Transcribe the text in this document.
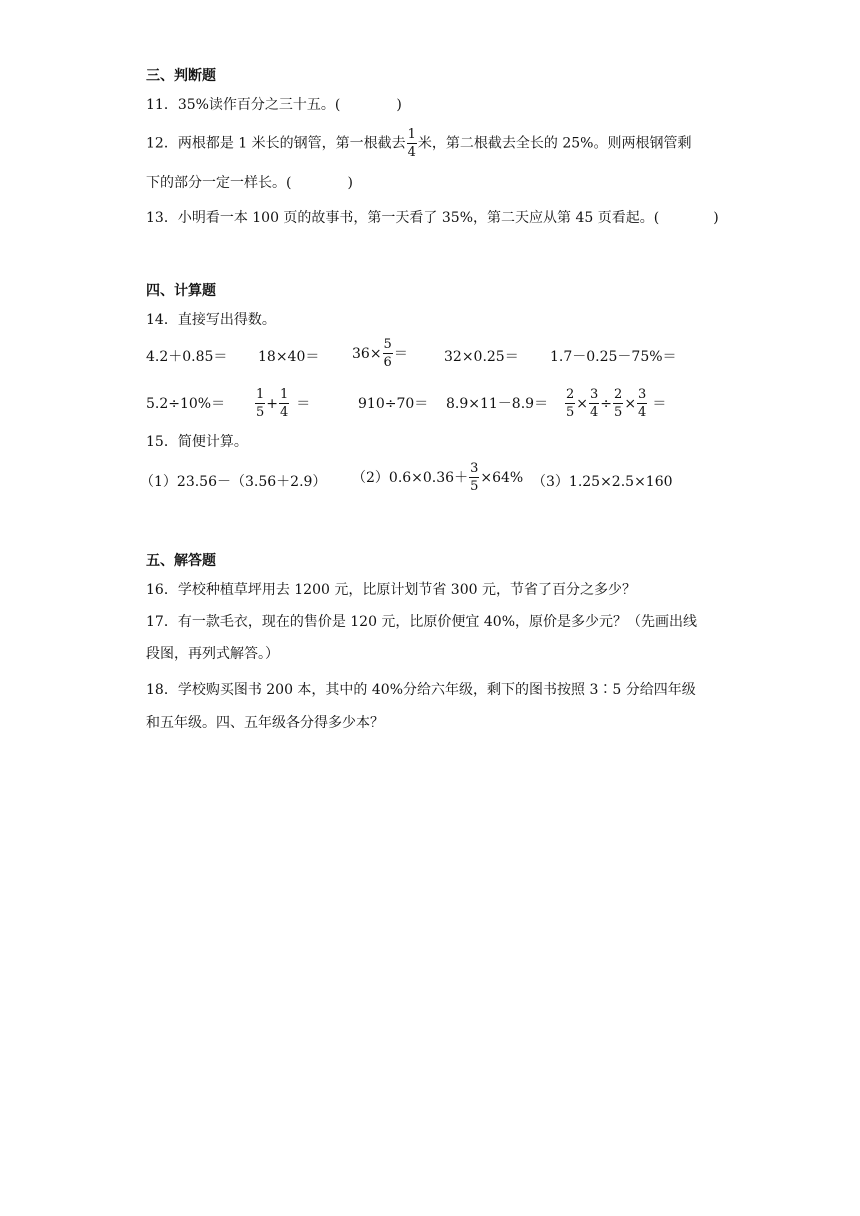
三、判断题
11．35%读作百分之三十五。(	)
12．两根都是 1 米长的钢管，第一根截去 $\frac{1}{4}$ 米，第二根截去全长的 25%。则两根钢管剩
下的部分一定一样长。(	)
13．小明看一本 100 页的故事书，第一天看了 35%，第二天应从第 45 页看起。(	)
四、计算题
14．直接写出得数。
$4.2+0.85= 18\times 40= 36\times \frac{5}{6}$ ＝	32×0.25＝ 1.7－0.25－75%＝
$5.2\div 10\%= \frac{1}{5} + \frac{1}{4}$ ＝	$910\div 70= 8.9\times 11-8.9= \frac{2}{5} \times \frac{3}{4} \div \frac{2}{5} \times \frac{3}{4}$ ＝
15．简便计算。
（1）23.56－（3.56＋2.9） $(2)0.6\times 0.36+ \frac{3}{5} \times 64\%$ （3）1.25×2.5×160
五、解答题
16．学校种植草坪用去 1200 元，比原计划节省 300 元，节省了百分之多少？
17．有一款毛衣，现在的售价是 120 元，比原价便宜 40%，原价是多少元？（先画出线
段图，再列式解答。）
18．学校购买图书 200 本，其中的 40%分给六年级，剩下的图书按照 3∶5 分给四年级
和五年级。四、五年级各分得多少本？
